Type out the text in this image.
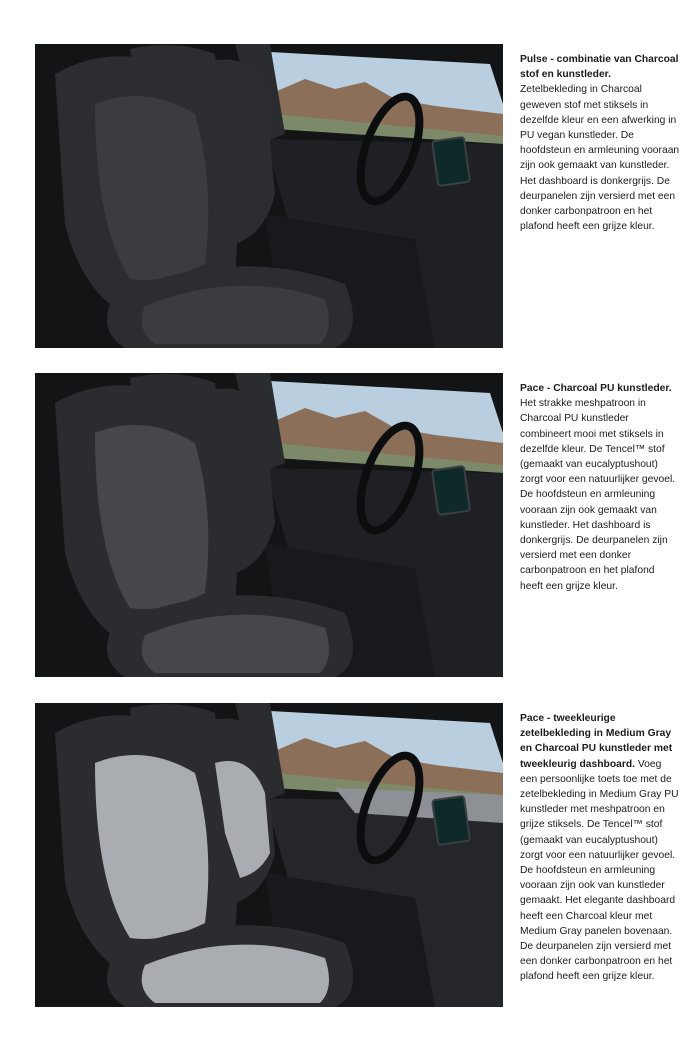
Pulse - combinatie van Charcoal stof en kunstleder. Zetelbekleding in Charcoal geweven stof met stiksels in dezelfde kleur en een afwerking in PU vegan kunstleder. De hoofdsteun en armleuning vooraan zijn ook gemaakt van kunstleder. Het dashboard is donkergrijs. De deurpanelen zijn versierd met een donker carbonpatroon en het plafond heeft een grijze kleur.
Pace - Charcoal PU kunstleder. Het strakke meshpatroon in Charcoal PU kunstleder combineert mooi met stiksels in dezelfde kleur. De Tencel™ stof (gemaakt van eucalyptushout) zorgt voor een natuurlijker gevoel. De hoofdsteun en armleuning vooraan zijn ook gemaakt van kunstleder. Het dashboard is donkergrijs. De deurpanelen zijn versierd met een donker carbonpatroon en het plafond heeft een grijze kleur.
Pace - tweekleurige zetelbekleding in Medium Gray en Charcoal PU kunstleder met tweekleurig dashboard. Voeg een persoonlijke toets toe met de zetelbekleding in Medium Gray PU kunstleder met meshpatroon en grijze stiksels. De Tencel™ stof (gemaakt van eucalyptushout) zorgt voor een natuurlijker gevoel. De hoofdsteun en armleuning vooraan zijn ook van kunstleder gemaakt. Het elegante dashboard heeft een Charcoal kleur met Medium Gray panelen bovenaan. De deurpanelen zijn versierd met een donker carbonpatroon en het plafond heeft een grijze kleur.
